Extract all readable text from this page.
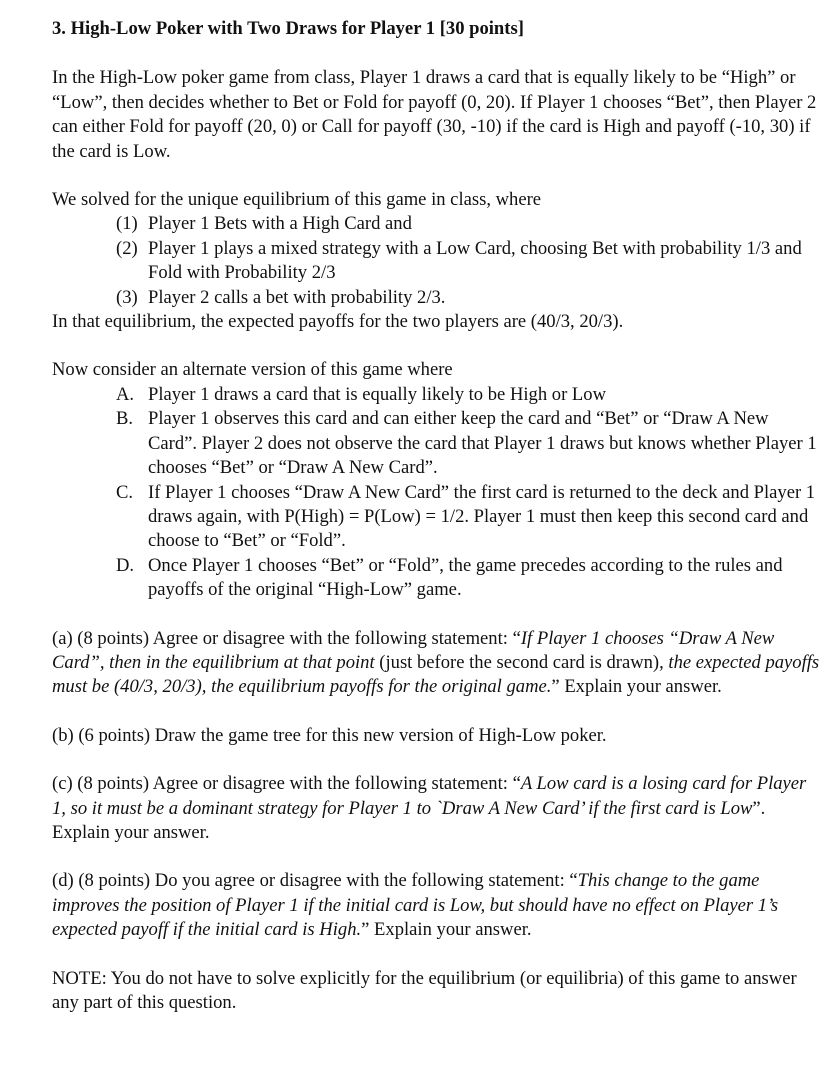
3. High-Low Poker with Two Draws for Player 1 [30 points]

In the High-Low poker game from class, Player 1 draws a card that is equally likely to be “High” or “Low”, then decides whether to Bet or Fold for payoff (0, 20). If Player 1 chooses “Bet”, then Player 2 can either Fold for payoff (20, 0) or Call for payoff (30, -10) if the card is High and payoff (-10, 30) if the card is Low.

We solved for the unique equilibrium of this game in class, where

(1) Player 1 Bets with a High Card and
(2) Player 1 plays a mixed strategy with a Low Card, choosing Bet with probability 1/3 and Fold with Probability 2/3
(3) Player 2 calls a bet with probability 2/3.

In that equilibrium, the expected payoffs for the two players are (40/3, 20/3).

Now consider an alternate version of this game where

A. Player 1 draws a card that is equally likely to be High or Low
B. Player 1 observes this card and can either keep the card and “Bet” or “Draw A New Card”. Player 2 does not observe the card that Player 1 draws but knows whether Player 1 chooses “Bet” or “Draw A New Card”.
C. If Player 1 chooses “Draw A New Card” the first card is returned to the deck and Player 1 draws again, with P(High) = P(Low) = 1/2. Player 1 must then keep this second card and choose to “Bet” or “Fold”.
D. Once Player 1 chooses “Bet” or “Fold”, the game precedes according to the rules and payoffs of the original “High-Low” game.

(a) (8 points) Agree or disagree with the following statement: “If Player 1 chooses “Draw A New Card”, then in the equilibrium at that point (just before the second card is drawn), the expected payoffs must be (40/3, 20/3), the equilibrium payoffs for the original game.” Explain your answer.

(b) (6 points) Draw the game tree for this new version of High-Low poker.

(c) (8 points) Agree or disagree with the following statement: “A Low card is a losing card for Player 1, so it must be a dominant strategy for Player 1 to `Draw A New Card’ if the first card is Low”. Explain your answer.

(d) (8 points) Do you agree or disagree with the following statement: “This change to the game improves the position of Player 1 if the initial card is Low, but should have no effect on Player 1’s expected payoff if the initial card is High.” Explain your answer.

NOTE: You do not have to solve explicitly for the equilibrium (or equilibria) of this game to answer any part of this question.
